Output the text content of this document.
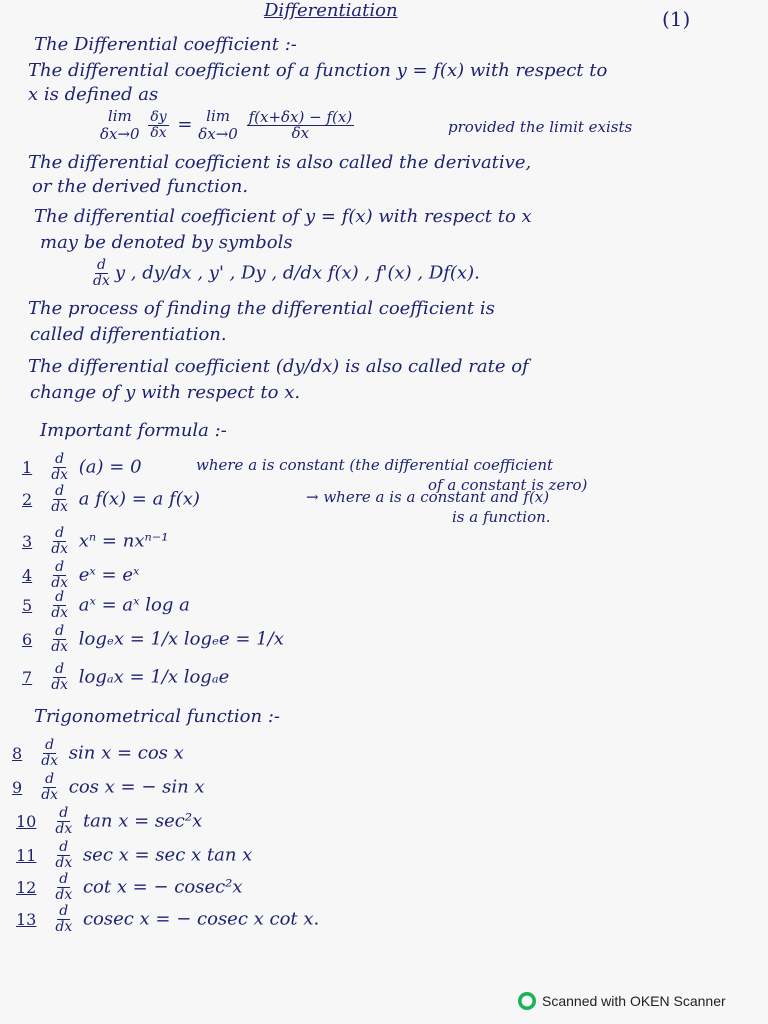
Differentiation	(1)
The Differential coefficient :-
The differential coefficient of a function y = f(x) with respect to
x is defined as
lim
δx→0
$\frac{\delta y}{\delta x} = \lim$
δx→0
$\frac{f(x+\delta x) - f(x)}{\delta x}$	provided the limit exists
The differential coefficient is also called the derivative,
or the derived function.
The differential coefficient of y = f(x) with respect to x
may be denoted by symbols
$\frac{d}{dx}$ y , dy/dx , y' , Dy , d/dx f(x) , f'(x) , Df(x).
The process of finding the differential coefficient is
called differentiation.
The differential coefficient (dy/dx) is also called rate of
change of y with respect to x.
Important formula :-
$1 \frac{d}{dx} (a) = 0$	where a is constant (the differential coefficient
of a constant is zero)
$2 \frac{d}{dx}$ a f(x) = a f(x)	→ where a is a constant and f(x)
is a function.
$3 \frac{d}{dx}$ xⁿ = nxⁿ⁻¹
$4 \frac{d}{dx}$ eˣ = eˣ
$5 \frac{d}{dx}$ aˣ = aˣ log a
$6 \frac{d}{dx}$ logₑx = 1/x logₑe = 1/x
$7 \frac{d}{dx}$ logₐx = 1/x logₐe
Trigonometrical function :-
$8 \frac{d}{dx}$ sin x = cos x
$9 \frac{d}{dx}$ cos x = − sin x
$10 \frac{d}{dx}$ tan x = sec²x
$11 \frac{d}{dx}$ sec x = sec x tan x
$12 \frac{d}{dx}$ cot x = − cosec²x
$13 \frac{d}{dx}$ cosec x = − cosec x cot x.
Scanned with OKEN Scanner
